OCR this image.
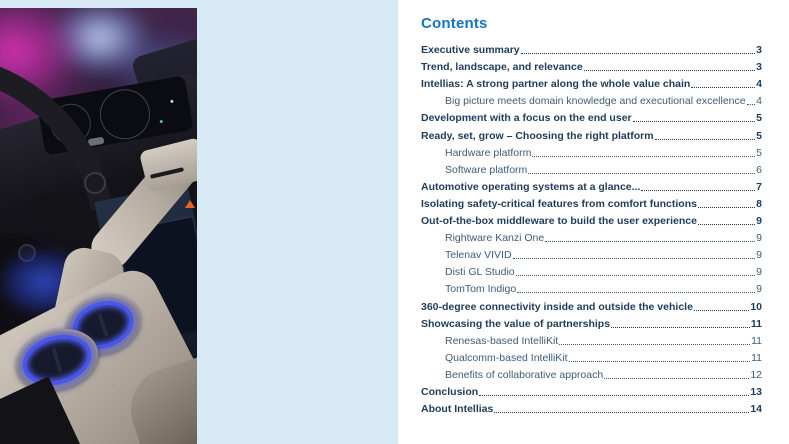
Contents
Executive summary	3
Trend, landscape, and relevance	3
Intellias: A strong partner along the whole value chain	4
Big picture meets domain knowledge and executional excellence 4
Development with a focus on the end user	5
Ready, set, grow – Choosing the right platform	5
Hardware platform	5
Software platform	6
Automotive operating systems at a glance...	7
Isolating safety-critical features from comfort functions	8
Out-of-the-box middleware to build the user experience	9
Rightware Kanzi One	9
Telenav VIVID	9
Disti GL Studio	9
TomTom Indigo	9
360-degree connectivity inside and outside the vehicle	10
Showcasing the value of partnerships	11
Renesas-based IntelliKit	11
Qualcomm-based IntelliKit	11
Benefits of collaborative approach	12
Conclusion	13
About Intellias	14
